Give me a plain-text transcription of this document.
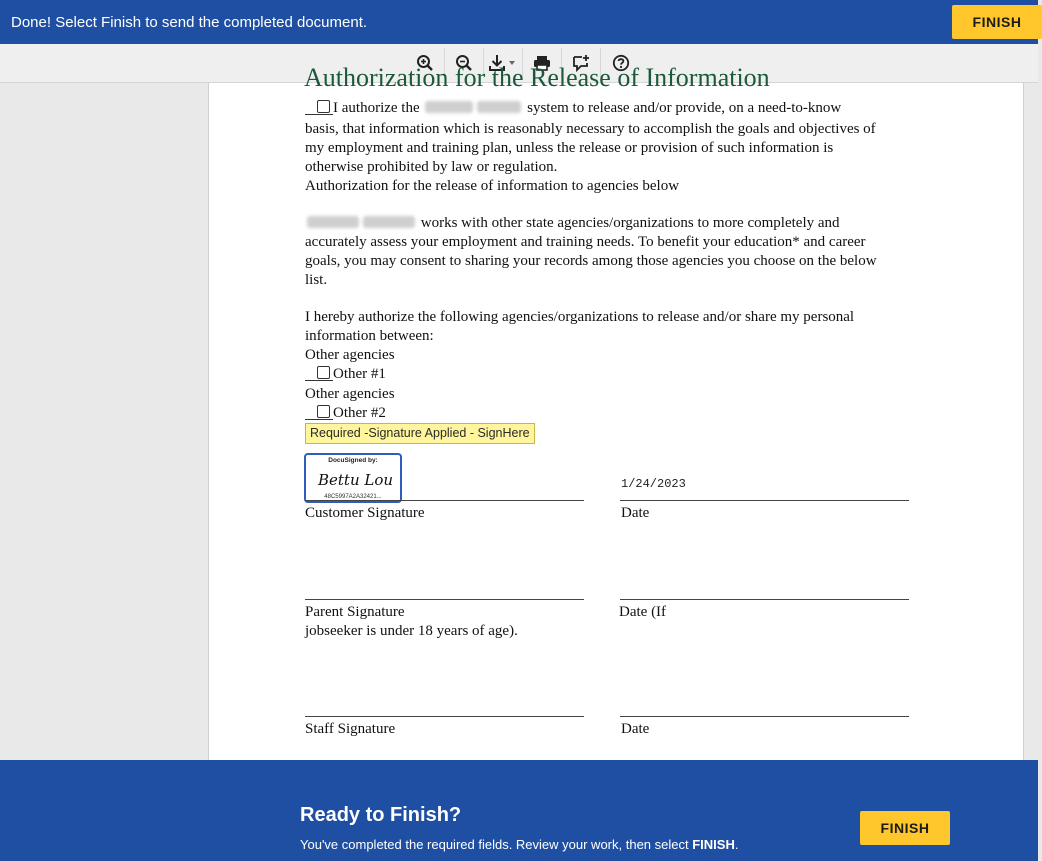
Done! Select Finish to send the completed document.	FINISH
Authorization for the Release of Information
I authorize the	system to release and/or provide, on a need-to-know
basis, that information which is reasonably necessary to accomplish the goals and objectives of
my employment and training plan, unless the release or provision of such information is
otherwise prohibited by law or regulation.
Authorization for the release of information to agencies below
works with other state agencies/organizations to more completely and
accurately assess your employment and training needs. To benefit your education* and career
goals, you may consent to sharing your records among those agencies you choose on the below
list.
I hereby authorize the following agencies/organizations to release and/or share my personal
information between:
Other agencies
Other #1
Other agencies
Other #2
Required -Signature Applied - SignHere
DocuSigned by:
Bettu Lou
48C5997A2A32421...
1/24/2023
Customer Signature	Date
Parent Signature	Date (If
jobseeker is under 18 years of age).
Staff Signature	Date
Ready to Finish?
You've completed the required fields. Review your work, then select FINISH.
FINISH
